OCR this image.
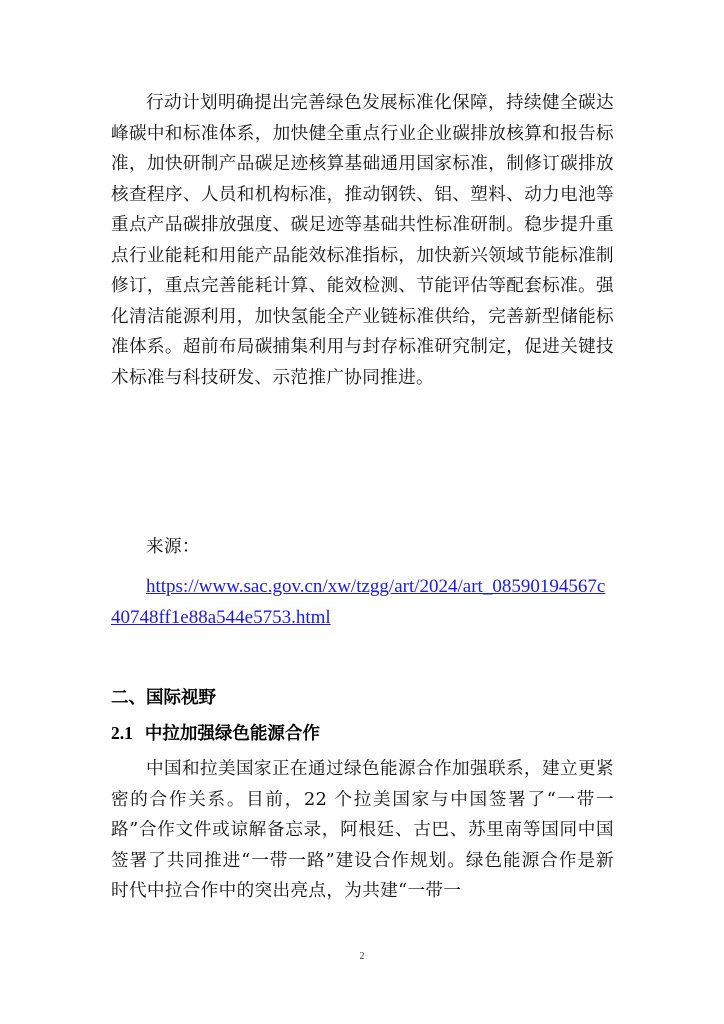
行动计划明确提出完善绿色发展标准化保障，持续健全碳达峰碳中和标准体系，加快健全重点行业企业碳排放核算和报告标准，加快研制产品碳足迹核算基础通用国家标准，制修订碳排放核查程序、人员和机构标准，推动钢铁、铝、塑料、动力电池等重点产品碳排放强度、碳足迹等基础共性标准研制。稳步提升重点行业能耗和用能产品能效标准指标，加快新兴领域节能标准制修订，重点完善能耗计算、能效检测、节能评估等配套标准。强化清洁能源利用，加快氢能全产业链标准供给，完善新型储能标准体系。超前布局碳捕集利用与封存标准研究制定，促进关键技术标准与科技研发、示范推广协同推进。

来源：

https://www.sac.gov.cn/xw/tzgg/art/2024/art_08590194567c40748ff1e88a544e5753.html

二、国际视野
2.1 中拉加强绿色能源合作

中国和拉美国家正在通过绿色能源合作加强联系，建立更紧密的合作关系。目前，22 个拉美国家与中国签署了“一带一路”合作文件或谅解备忘录，阿根廷、古巴、苏里南等国同中国签署了共同推进“一带一路”建设合作规划。绿色能源合作是新时代中拉合作中的突出亮点，为共建“一带一

2
